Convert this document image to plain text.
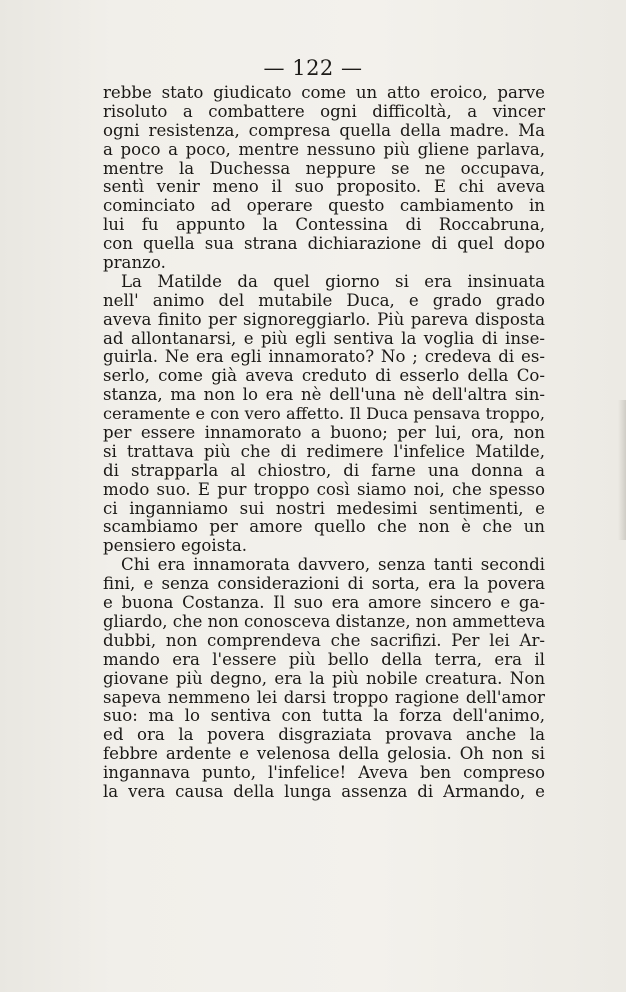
— 122 —
rebbe stato giudicato come un atto eroico, parve
risoluto a combattere ogni difficoltà, a vincer
ogni resistenza, compresa quella della madre. Ma
a poco a poco, mentre nessuno più gliene parlava,
mentre la Duchessa neppure se ne occupava,
sentì venir meno il suo proposito. E chi aveva
cominciato ad operare questo cambiamento in
lui fu appunto la Contessina di Roccabruna,
con quella sua strana dichiarazione di quel dopo
pranzo.
La Matilde da quel giorno si era insinuata
nell' animo del mutabile Duca, e grado grado
aveva finito per signoreggiarlo. Più pareva disposta
ad allontanarsi, e più egli sentiva la voglia di inse-
guirla. Ne era egli innamorato? No ; credeva di es-
serlo, come già aveva creduto di esserlo della Co-
stanza, ma non lo era nè dell'una nè dell'altra sin-
ceramente e con vero affetto. Il Duca pensava troppo,
per essere innamorato a buono; per lui, ora, non
si trattava più che di redimere l'infelice Matilde,
di strapparla al chiostro, di farne una donna a
modo suo. E pur troppo così siamo noi, che spesso
ci inganniamo sui nostri medesimi sentimenti, e
scambiamo per amore quello che non è che un
pensiero egoista.
Chi era innamorata davvero, senza tanti secondi
fini, e senza considerazioni di sorta, era la povera
e buona Costanza. Il suo era amore sincero e ga-
gliardo, che non conosceva distanze, non ammetteva
dubbi, non comprendeva che sacrifizi. Per lei Ar-
mando era l'essere più bello della terra, era il
giovane più degno, era la più nobile creatura. Non
sapeva nemmeno lei darsi troppo ragione dell'amor
suo: ma lo sentiva con tutta la forza dell'animo,
ed ora la povera disgraziata provava anche la
febbre ardente e velenosa della gelosia. Oh non si
ingannava punto, l'infelice! Aveva ben compreso
la vera causa della lunga assenza di Armando, e
